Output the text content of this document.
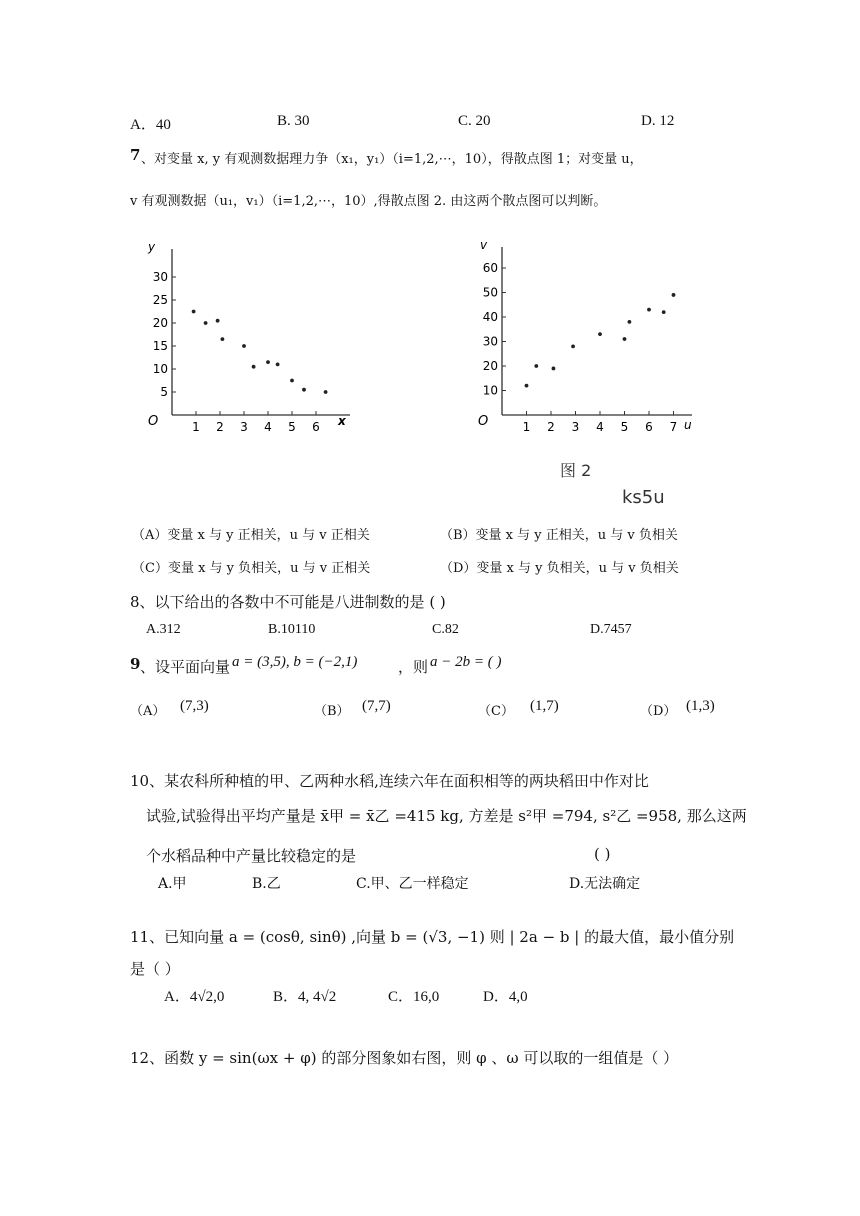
A．40	B. 30	C. 20	D. 12
7 、对变量 x, y 有观测数据理力争（x₁，y₁）（i=1,2,⋯，10），得散点图 1；对变量 u，
v 有观测数据（u₁，v₁）（i=1,2,⋯，10）,得散点图 2. 由这两个散点图可以判断。
y
O	x
5
10
15
20
25
30
1 2 3 4 5 6
v
O	u
10
20
30
40
50
60
1 2 3 4 5 6 7
图 2
ks5u
（A）变量 x 与 y 正相关，u 与 v 正相关	（B）变量 x 与 y 正相关，u 与 v 负相关
（C）变量 x 与 y 负相关，u 与 v 正相关	（D）变量 x 与 y 负相关，u 与 v 负相关
8、以下给出的各数中不可能是八进制数的是 ( )
A.312	B.10110	C.82	D.7457
9 、设平面向量 a = (3,5), b = (−2,1)	，则 a − 2b = ( )
（A） (7,3)	（B） (7,7)	（C） (1,7)	（D） (1,3)
10、某农科所种植的甲、乙两种水稻,连续六年在面积相等的两块稻田中作对比
试验,试验得出平均产量是 x̄甲 = x̄乙 =415 kg, 方差是 s²甲 =794, s²乙 =958, 那么这两
个水稻品种中产量比较稳定的是	( )
A.甲	B.乙	C.甲、乙一样稳定	D.无法确定
11、已知向量 a = (cosθ, sinθ) ,向量 b = (√3, −1) 则 | 2a − b | 的最大值，最小值分别
是（ ）
A．4√2,0	B．4, 4√2	C．16,0	D．4,0
12、函数 y = sin(ωx + φ) 的部分图象如右图，则 φ 、ω 可以取的一组值是（ ）
